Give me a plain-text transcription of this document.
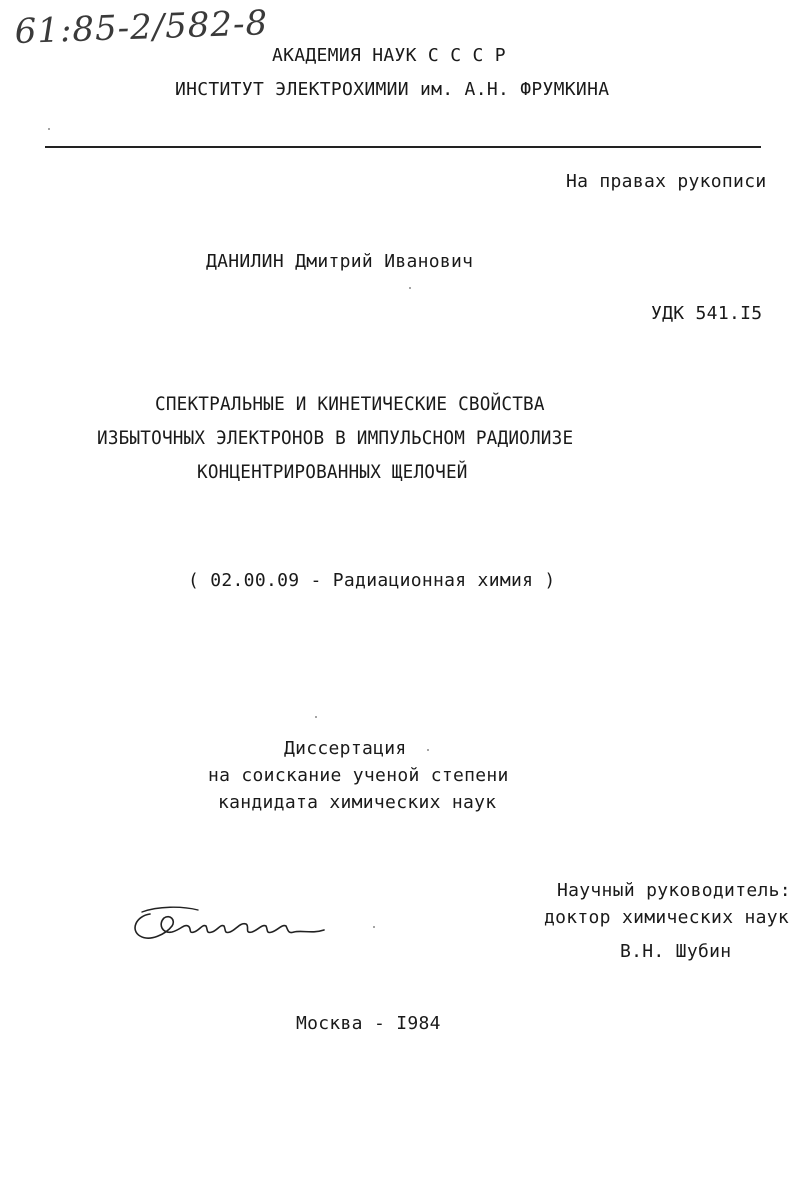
61:85-2/582-8
АКАДЕМИЯ НАУК С С С Р
ИНСТИТУТ ЭЛЕКТРОХИМИИ им. А.Н. ФРУМКИНА
На правах рукописи
ДАНИЛИН Дмитрий Иванович
УДК 541.I5
СПЕКТРАЛЬНЫЕ И КИНЕТИЧЕСКИЕ СВОЙСТВА
ИЗБЫТОЧНЫХ ЭЛЕКТРОНОВ В ИМПУЛЬСНОМ РАДИОЛИЗЕ
КОНЦЕНТРИРОВАННЫХ ЩЕЛОЧЕЙ
( 02.00.09 - Радиационная химия )
Диссертация
на соискание ученой степени
кандидата химических наук
Научный руководитель:
доктор химических наук
В.Н. Шубин
Москва - I984
